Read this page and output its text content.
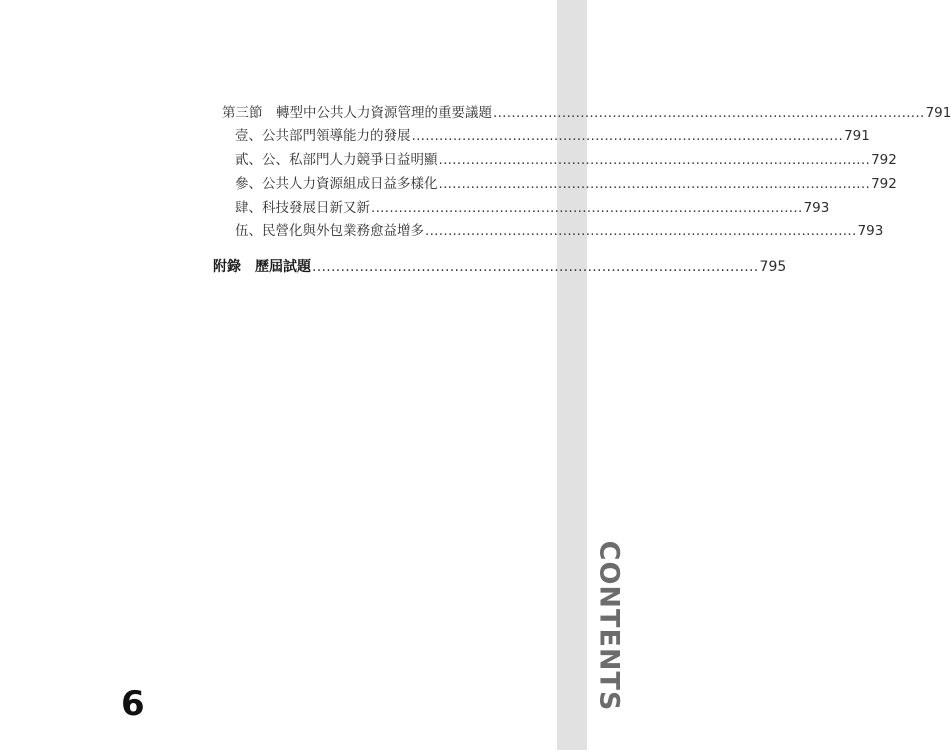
CONTENTS
第三節　轉型中公共人力資源管理的重要議題 .............................................................................................. 791
壹、公共部門領導能力的發展 .............................................................................................. 791
貳、公、私部門人力競爭日益明顯 .............................................................................................. 792
參、公共人力資源組成日益多樣化 .............................................................................................. 792
肆、科技發展日新又新 .............................................................................................. 793
伍、民營化與外包業務愈益增多 .............................................................................................. 793
附錄　歷屆試題 .............................................................................................. 795
6
